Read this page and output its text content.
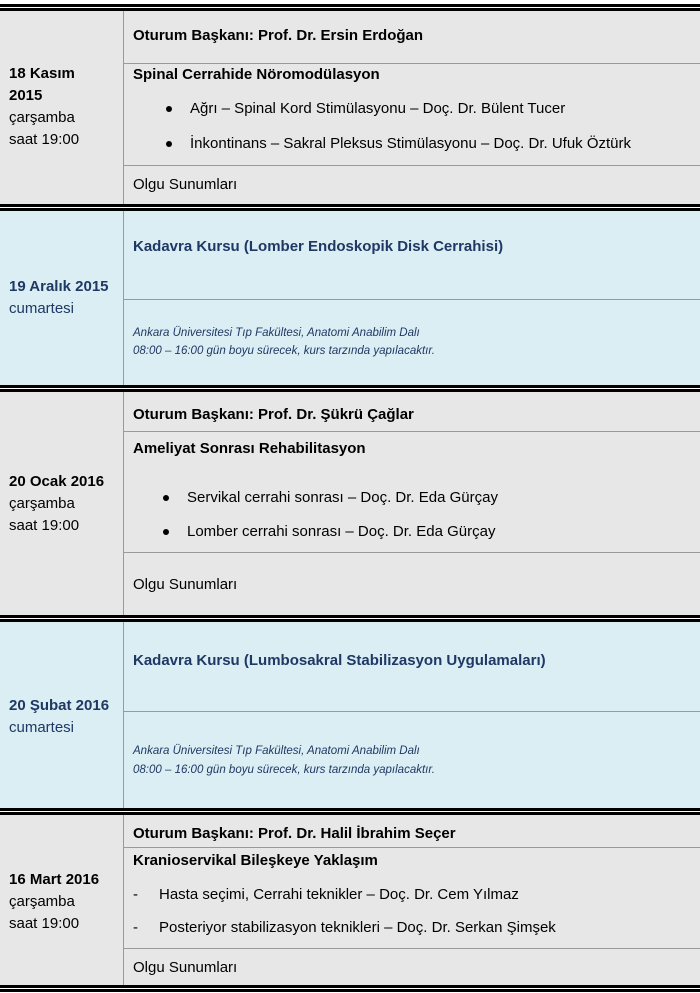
18 Kasım 2015
çarşamba
saat 19:00
Oturum Başkanı: Prof. Dr. Ersin Erdoğan
Spinal Cerrahide Nöromodülasyon
Ağrı – Spinal Kord Stimülasyonu – Doç. Dr. Bülent Tucer
İnkontinans – Sakral Pleksus Stimülasyonu – Doç. Dr. Ufuk Öztürk
Olgu Sunumları
19 Aralık 2015
cumartesi
Kadavra Kursu (Lomber Endoskopik Disk Cerrahisi)
Ankara Üniversitesi Tıp Fakültesi, Anatomi Anabilim Dalı
08:00 – 16:00 gün boyu sürecek, kurs tarzında yapılacaktır.
20 Ocak 2016
çarşamba
saat 19:00
Oturum Başkanı: Prof. Dr. Şükrü Çağlar
Ameliyat Sonrası Rehabilitasyon
Servikal cerrahi sonrası – Doç. Dr. Eda Gürçay
Lomber cerrahi sonrası – Doç. Dr. Eda Gürçay
Olgu Sunumları
20 Şubat 2016
cumartesi
Kadavra Kursu (Lumbosakral Stabilizasyon Uygulamaları)
Ankara Üniversitesi Tıp Fakültesi, Anatomi Anabilim Dalı
08:00 – 16:00 gün boyu sürecek, kurs tarzında yapılacaktır.
16 Mart 2016
çarşamba
saat 19:00
Oturum Başkanı: Prof. Dr. Halil İbrahim Seçer
Kranioservikal Bileşkeye Yaklaşım
- Hasta seçimi, Cerrahi teknikler – Doç. Dr. Cem Yılmaz
- Posteriyor stabilizasyon teknikleri – Doç. Dr. Serkan Şimşek
Olgu Sunumları
